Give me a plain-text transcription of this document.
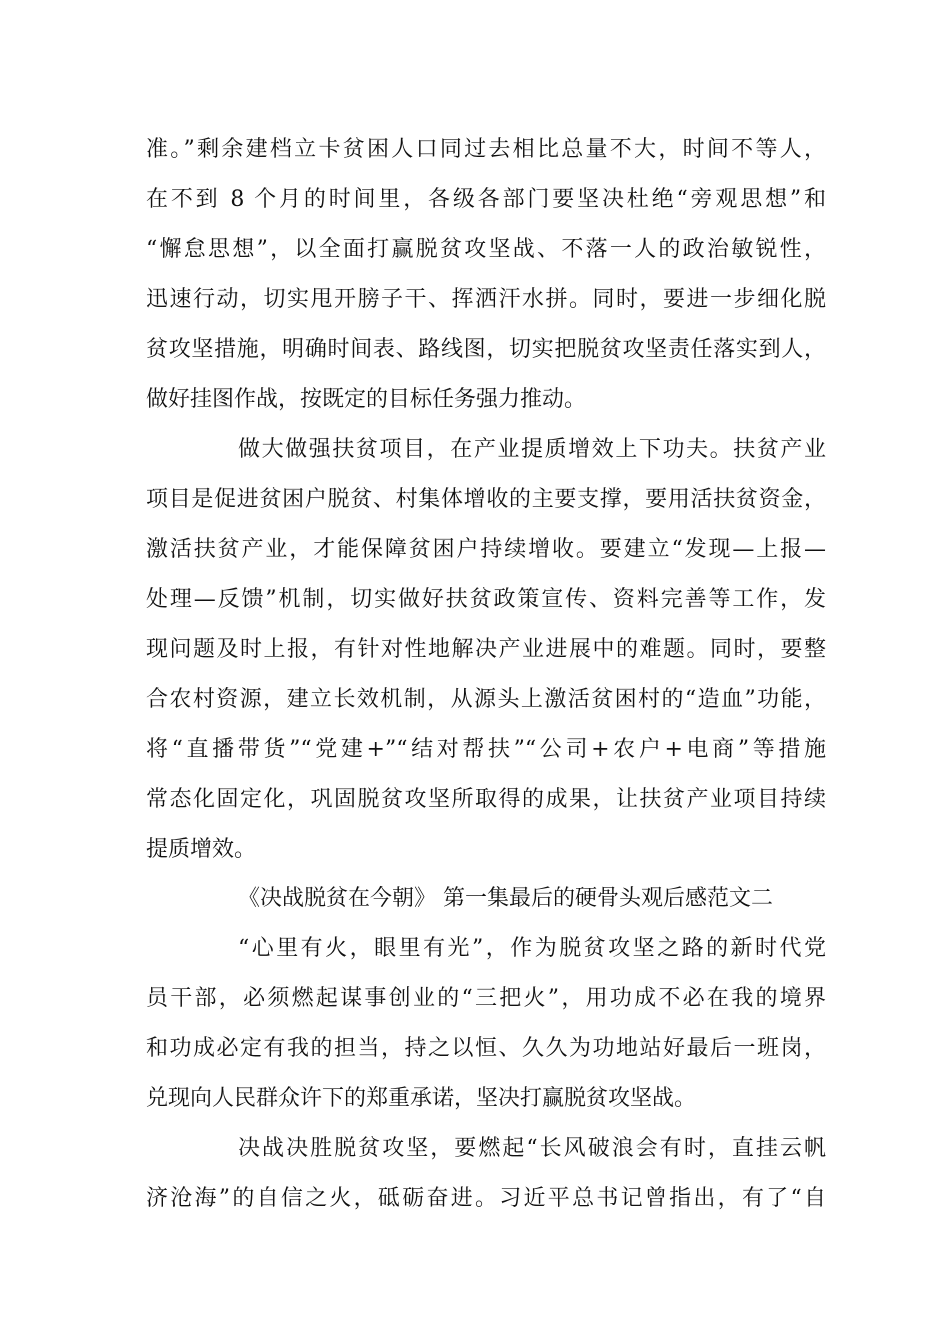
准。”剩余建档立卡贫困人口同过去相比总量不大，时间不等人，
在不到 8 个月的时间里，各级各部门要坚决杜绝“旁观思想”和
“懈怠思想”，以全面打赢脱贫攻坚战、不落一人的政治敏锐性，
迅速行动，切实甩开膀子干、挥洒汗水拼。同时，要进一步细化脱
贫攻坚措施，明确时间表、路线图，切实把脱贫攻坚责任落实到人，
做好挂图作战，按既定的目标任务强力推动。
做大做强扶贫项目，在产业提质增效上下功夫。扶贫产业
项目是促进贫困户脱贫、村集体增收的主要支撑，要用活扶贫资金，
激活扶贫产业，才能保障贫困户持续增收。要建立“发现—上报—
处理—反馈”机制，切实做好扶贫政策宣传、资料完善等工作，发
现问题及时上报，有针对性地解决产业进展中的难题。同时，要整
合农村资源，建立长效机制，从源头上激活贫困村的“造血”功能，
将“直播带货”“党建+”“结对帮扶”“公司+农户+电商”等措施
常态化固定化，巩固脱贫攻坚所取得的成果，让扶贫产业项目持续
提质增效。
《决战脱贫在今朝》 第一集最后的硬骨头观后感范文二
“心里有火，眼里有光”，作为脱贫攻坚之路的新时代党
员干部，必须燃起谋事创业的“三把火”，用功成不必在我的境界
和功成必定有我的担当，持之以恒、久久为功地站好最后一班岗，
兑现向人民群众许下的郑重承诺，坚决打赢脱贫攻坚战。
决战决胜脱贫攻坚，要燃起“长风破浪会有时，直挂云帆
济沧海”的自信之火，砥砺奋进。习近平总书记曾指出，有了“自
